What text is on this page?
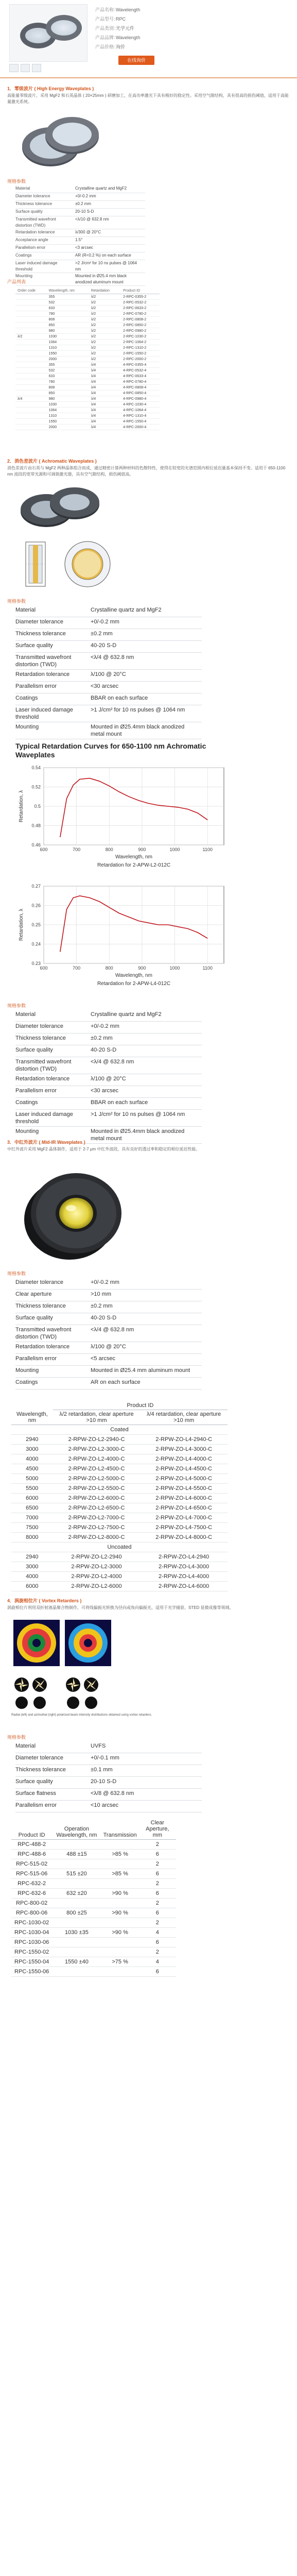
产品名称：Wavelength
产品型号：RPC
产品类别：光学元件
产品品牌：Wavelength
产品价格：询价
在线询价
1．零级波片 ( High Energy Waveplates )
高能量零级波片，采用 MgF2 和石英晶体 ( 20×25mm ) 研磨加工，在高功率激光下具有极好的稳定性。采用空气隙结构，具有很高的损伤阈值，适用于高能量激光系统。
规格参数
Material	Crystalline quartz and MgF2
Diameter tolerance	+0/-0.2 mm
Thickness tolerance	±0.2 mm
Surface quality	20-10 S-D
Transmitted wavefront distortion (TWD)	<λ/10 @ 632.8 nm
Retardation tolerance	λ/300 @ 20°C
Acceptance angle	1.5°
Parallelism error	<3 arcsec
Coatings	AR (R<0.2 %) on each surface
Laser induced damage threshold	>2 J/cm² for 10 ns pulses @ 1064 nm
Mounting	Mounted in Ø25.4 mm black anodized aluminum mount
产品列表
Order code	Wavelength, nm	Retardation	Product ID
	355	λ/2	2-RPC-0355-2
	532	λ/2	2-RPC-0532-2
	633	λ/2	2-RPC-0633-2
	780	λ/2	2-RPC-0780-2
	808	λ/2	2-RPC-0808-2
	850	λ/2	2-RPC-0850-2
	980	λ/2	2-RPC-0980-2
λ/2	1030	λ/2	2-RPC-1030-2
	1064	λ/2	2-RPC-1064-2
	1310	λ/2	2-RPC-1310-2
	1550	λ/2	2-RPC-1550-2
	2000	λ/2	2-RPC-2000-2
	355	λ/4	4-RPC-0355-4
	532	λ/4	4-RPC-0532-4
	633	λ/4	4-RPC-0633-4
	780	λ/4	4-RPC-0780-4
	808	λ/4	4-RPC-0808-4
	850	λ/4	4-RPC-0850-4
λ/4	980	λ/4	4-RPC-0980-4
	1030	λ/4	4-RPC-1030-4
	1064	λ/4	4-RPC-1064-4
	1310	λ/4	4-RPC-1310-4
	1550	λ/4	4-RPC-1550-4
	2000	λ/4	4-RPC-2000-4
2．消色差波片 ( Achromatic Waveplates )
消色差波片由石英与 MgF2 两种晶体组合而成，通过精密计算两种材料的色散特性，使得在较宽的光谱范围内相位延迟量基本保持不变。适用于 650-1100 nm 波段的宽带光源和可调谐激光器，具有空气隙结构，损伤阈值高。
规格参数
Material	Crystalline quartz and MgF2
Diameter tolerance	+0/-0.2 mm
Thickness tolerance	±0.2 mm
Surface quality	40-20 S-D
Transmitted wavefront distortion (TWD)	<λ/4 @ 632.8 nm
Retardation tolerance	λ/100 @ 20°C
Parallelism error	<30 arcsec
Coatings	BBAR on each surface
Laser induced damage threshold	>1 J/cm² for 10 ns pulses @ 1064 nm
Mounting	Mounted in Ø25.4mm black anodized metal mount
Typical Retardation Curves for 650-1100 nm Achromatic Waveplates
0.46
0.48
0.5
0.52
0.54
600	700	800	900	1000	1100
Wavelength, nm
Retardation for 2-APW-L2-012C
Retardation, λ
0.23
0.24
0.25
0.26
0.27
600	700	800	900	1000	1100
Wavelength, nm
Retardation for 2-APW-L4-012C
Retardation, λ
规格参数
Material	Crystalline quartz and MgF2
Diameter tolerance	+0/-0.2 mm
Thickness tolerance	±0.2 mm
Surface quality	40-20 S-D
Transmitted wavefront distortion (TWD)	<λ/4 @ 632.8 nm
Retardation tolerance	λ/100 @ 20°C
Parallelism error	<30 arcsec
Coatings	BBAR on each surface
Laser induced damage threshold	>1 J/cm² for 10 ns pulses @ 1064 nm
Mounting	Mounted in Ø25.4mm black anodized metal mount
3．中红外波片 ( Mid-IR Waveplates )
中红外波片采用 MgF2 晶体制作，适用于 2-7 μm 中红外波段，具有良好的透过率和稳定的相位延迟性能。
规格参数
Diameter tolerance	+0/-0.2 mm
Clear aperture	>10 mm
Thickness tolerance	±0.2 mm
Surface quality	40-20 S-D
Transmitted wavefront distortion (TWD)	<λ/4 @ 632.8 nm
Retardation tolerance	λ/100 @ 20°C
Parallelism error	<5 arcsec
Mounting	Mounted in Ø25.4 mm aluminum mount
Coatings	AR on each surface
Wavelength, nm	Product ID	
	λ/2 retardation, clear aperture >10 mm	λ/4 retardation, clear aperture >10 mm
Coated		
2940	2-RPW-ZO-L2-2940-C	2-RPW-ZO-L4-2940-C
3000	2-RPW-ZO-L2-3000-C	2-RPW-ZO-L4-3000-C
4000	2-RPW-ZO-L2-4000-C	2-RPW-ZO-L4-4000-C
4500	2-RPW-ZO-L2-4500-C	2-RPW-ZO-L4-4500-C
5000	2-RPW-ZO-L2-5000-C	2-RPW-ZO-L4-5000-C
5500	2-RPW-ZO-L2-5500-C	2-RPW-ZO-L4-5500-C
6000	2-RPW-ZO-L2-6000-C	2-RPW-ZO-L4-6000-C
6500	2-RPW-ZO-L2-6500-C	2-RPW-ZO-L4-6500-C
7000	2-RPW-ZO-L2-7000-C	2-RPW-ZO-L4-7000-C
7500	2-RPW-ZO-L2-7500-C	2-RPW-ZO-L4-7500-C
8000	2-RPW-ZO-L2-8000-C	2-RPW-ZO-L4-8000-C
Uncoated		
2940	2-RPW-ZO-L2-2940	2-RPW-ZO-L4-2940
3000	2-RPW-ZO-L2-3000	2-RPW-ZO-L4-3000
4000	2-RPW-ZO-L2-4000	2-RPW-ZO-L4-4000
6000	2-RPW-ZO-L2-6000	2-RPW-ZO-L4-6000
4．涡旋相位片 ( Vortex Retarders )
涡旋相位片利用双折射液晶聚合物制作，可将线偏振光转换为径向或角向偏振光，适用于光学捕获、STED 显微成像等领域。
Radial (left) and azimuthal (right) polarized beam intensity distributions obtained using vortex retarders.
规格参数
Material	UVFS
Diameter tolerance	+0/-0.1 mm
Thickness tolerance	±0.1 mm
Surface quality	20-10 S-D
Surface flatness	<λ/8 @ 632.8 nm
Parallelism error	<10 arcsec
Product ID	Operation Wavelength, nm	Transmission	Clear Aperture, mm
RPC-488-2			2
RPC-488-6	488 ±15	>85 %	6
RPC-515-02			2
RPC-515-06	515 ±20	>85 %	6
RPC-632-2			2
RPC-632-6	632 ±20	>90 %	6
RPC-800-02			2
RPC-800-06	800 ±25	>90 %	6
RPC-1030-02			2
RPC-1030-04	1030 ±35	>90 %	4
RPC-1030-06			6
RPC-1550-02			2
RPC-1550-04	1550 ±40	>75 %	4
RPC-1550-06			6
